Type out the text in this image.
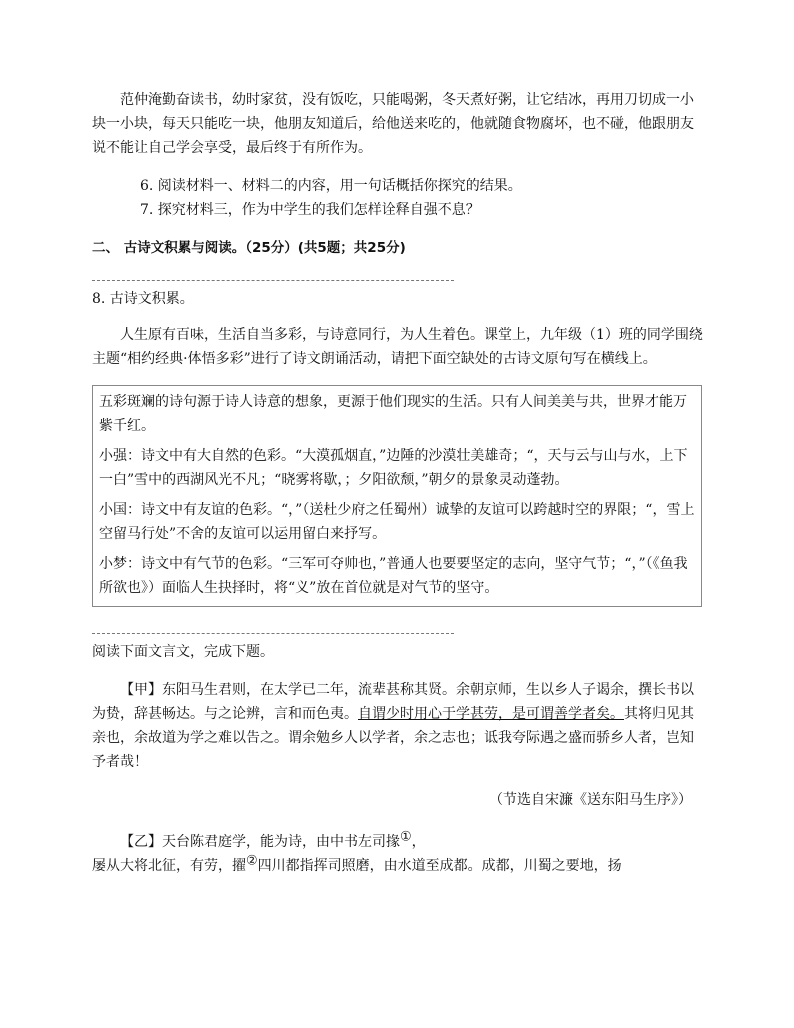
范仲淹勤奋读书，幼时家贫，没有饭吃，只能喝粥，冬天煮好粥，让它结冰，再用刀切成一小块一小块，每天只能吃一块，他朋友知道后，给他送来吃的，他就随食物腐坏，也不碰，他跟朋友说不能让自己学会享受，最后终于有所作为。

6. 阅读材料一、材料二的内容，用一句话概括你探究的结果。

7. 探究材料三，作为中学生的我们怎样诠释自强不息？

二、 古诗文积累与阅读。（25分）(共5题；共25分)

8. 古诗文积累。

人生原有百味，生活自当多彩，与诗意同行，为人生着色。课堂上，九年级（1）班的同学围绕主题“相约经典·体悟多彩”进行了诗文朗诵活动，请把下面空缺处的古诗文原句写在横线上。

五彩斑斓的诗句源于诗人诗意的想象，更源于他们现实的生活。只有人间美美与共，世界才能万紫千红。

小强：诗文中有大自然的色彩。“大漠孤烟直，”边陲的沙漠壮美雄奇；“，天与云与山与水，上下一白”雪中的西湖风光不凡；“晓雾将歇，；夕阳欲颓，”朝夕的景象灵动蓬勃。

小国：诗文中有友谊的色彩。“，”（送杜少府之任蜀州）诚挚的友谊可以跨越时空的界限；“，雪上空留马行处”不舍的友谊可以运用留白来抒写。

小梦：诗文中有气节的色彩。“三军可夺帅也，”普通人也要要坚定的志向，坚守气节；“，”（《鱼我所欲也》）面临人生抉择时，将“义”放在首位就是对气节的坚守。

阅读下面文言文，完成下题。

【甲】东阳马生君则，在太学已二年，流辈甚称其贤。余朝京师，生以乡人子谒余，撰长书以为贽，辞甚畅达。与之论辨，言和而色夷。自谓少时用心于学甚劳，是可谓善学者矣。其将归见其亲也，余故道为学之难以告之。谓余勉乡人以学者，余之志也；诋我夸际遇之盛而骄乡人者，岂知予者哉！

（节选自宋濂《送东阳马生序》）

【乙】天台陈君庭学，能为诗，由中书左司掾①，

屡从大将北征，有劳，擢②四川都指挥司照磨，由水道至成都。成都，川蜀之要地，扬
